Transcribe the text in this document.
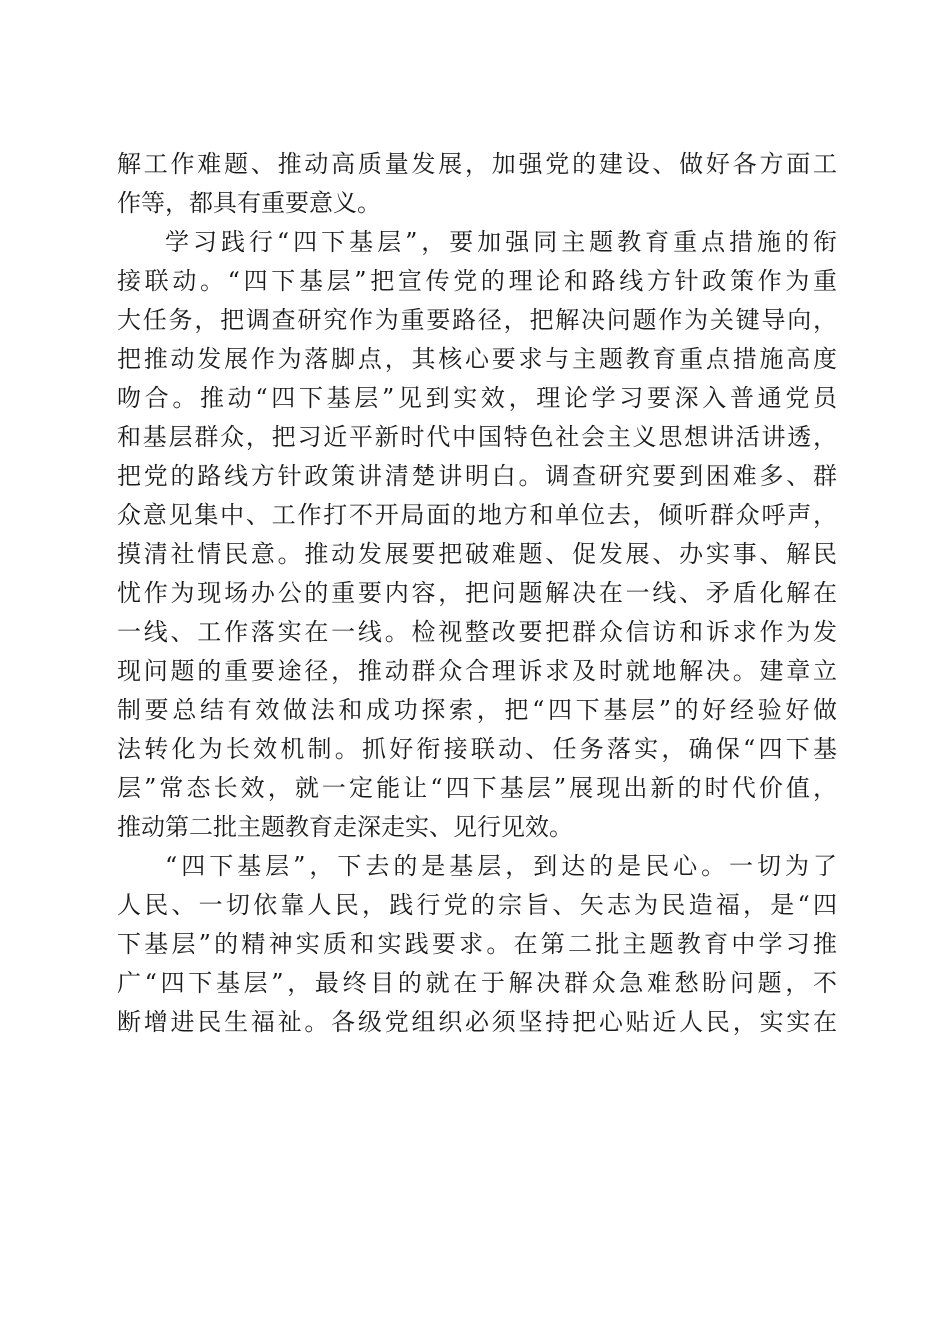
解工作难题、推动高质量发展，加强党的建设、做好各方面工
作等，都具有重要意义。
学习践行“四下基层”，要加强同主题教育重点措施的衔
接联动。“四下基层”把宣传党的理论和路线方针政策作为重
大任务，把调查研究作为重要路径，把解决问题作为关键导向，
把推动发展作为落脚点，其核心要求与主题教育重点措施高度
吻合。推动“四下基层”见到实效，理论学习要深入普通党员
和基层群众，把习近平新时代中国特色社会主义思想讲活讲透，
把党的路线方针政策讲清楚讲明白。调查研究要到困难多、群
众意见集中、工作打不开局面的地方和单位去，倾听群众呼声，
摸清社情民意。推动发展要把破难题、促发展、办实事、解民
忧作为现场办公的重要内容，把问题解决在一线、矛盾化解在
一线、工作落实在一线。检视整改要把群众信访和诉求作为发
现问题的重要途径，推动群众合理诉求及时就地解决。建章立
制要总结有效做法和成功探索，把“四下基层”的好经验好做
法转化为长效机制。抓好衔接联动、任务落实，确保“四下基
层”常态长效，就一定能让“四下基层”展现出新的时代价值，
推动第二批主题教育走深走实、见行见效。
“四下基层”，下去的是基层，到达的是民心。一切为了
人民、一切依靠人民，践行党的宗旨、矢志为民造福，是“四
下基层”的精神实质和实践要求。在第二批主题教育中学习推
广“四下基层”，最终目的就在于解决群众急难愁盼问题，不
断增进民生福祉。各级党组织必须坚持把心贴近人民，实实在
